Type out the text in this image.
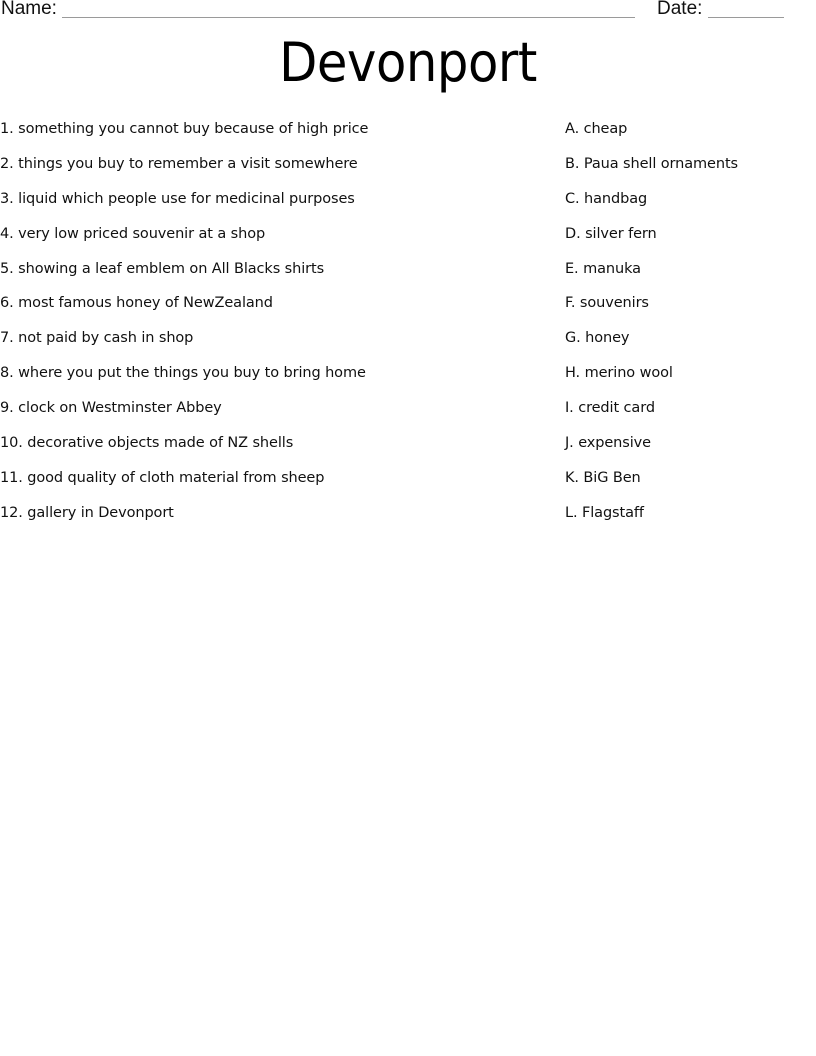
Name:	Date:
Devonport
1. something you cannot buy because of high price
2. things you buy to remember a visit somewhere
3. liquid which people use for medicinal purposes
4. very low priced souvenir at a shop
5. showing a leaf emblem on All Blacks shirts
6. most famous honey of NewZealand
7. not paid by cash in shop
8. where you put the things you buy to bring home
9. clock on Westminster Abbey
10. decorative objects made of NZ shells
11. good quality of cloth material from sheep
12. gallery in Devonport
A. cheap
B. Paua shell ornaments
C. handbag
D. silver fern
E. manuka
F. souvenirs
G. honey
H. merino wool
I. credit card
J. expensive
K. BiG Ben
L. Flagstaff
